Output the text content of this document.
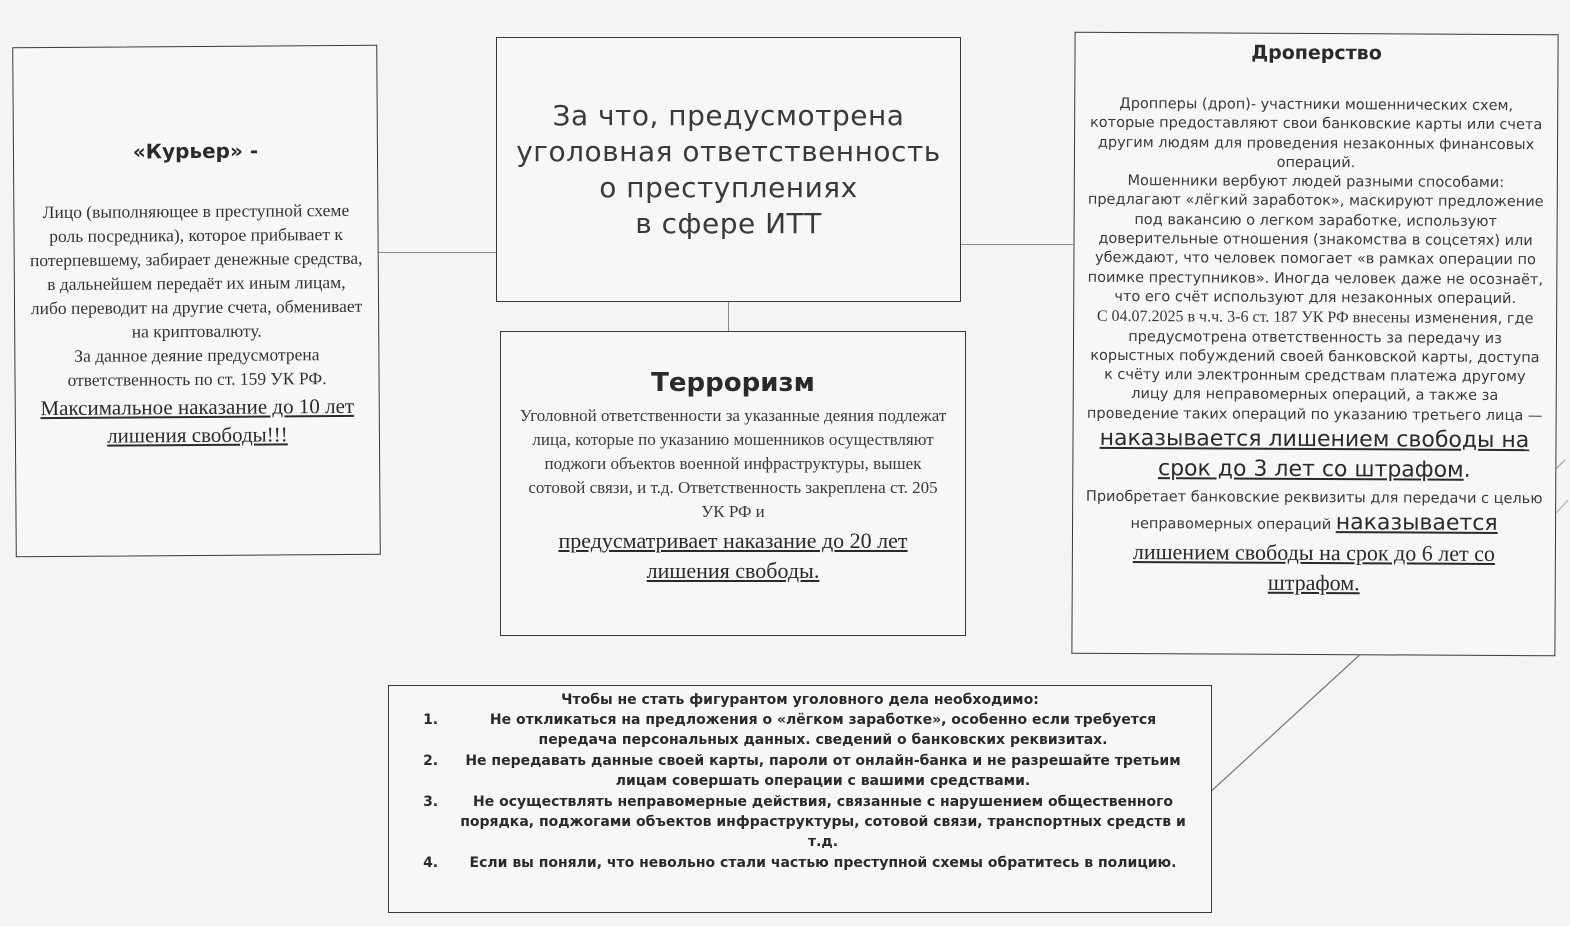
«Курьер» -
Лицо (выполняющее в преступной схеме роль посредника), которое прибывает к потерпевшему, забирает денежные средства, в дальнейшем передаёт их иным лицам, либо переводит на другие счета, обменивает на криптовалюту.
За данное деяние предусмотрена ответственность по ст. 159 УК РФ.
Максимальное наказание до 10 лет лишения свободы!!!
За что, предусмотрена
уголовная ответственность
о преступлениях
в сфере ИТТ
Терроризм
Уголовной ответственности за указанные деяния подлежат лица, которые по указанию мошенников осуществляют поджоги объектов военной инфраструктуры, вышек сотовой связи, и т.д. Ответственность закреплена ст. 205 УК РФ и
предусматривает наказание до 20 лет лишения свободы.
Дроперство
Дропперы (дроп)- участники мошеннических схем, которые предоставляют свои банковские карты или счета другим людям для проведения незаконных финансовых операций.
Мошенники вербуют людей разными способами: предлагают «лёгкий заработок», маскируют предложение под вакансию о легком заработке, используют доверительные отношения (знакомства в соцсетях) или убеждают, что человек помогает «в рамках операции по поимке преступников». Иногда человек даже не осознаёт, что его счёт используют для незаконных операций.
С 04.07.2025 в ч.ч. 3-6 ст. 187 УК РФ внесены изменения, где предусмотрена ответственность за передачу из корыстных побуждений своей банковской карты, доступа к счёту или электронным средствам платежа другому лицу для неправомерных операций, а также за проведение таких операций по указанию третьего лица — наказывается лишением свободы на срок до 3 лет со штрафом.
Приобретает банковские реквизиты для передачи с целью неправомерных операций наказывается лишением свободы на срок до 6 лет со штрафом.
Чтобы не стать фигурантом уголовного дела необходимо:
1. Не откликаться на предложения о «лёгком заработке», особенно если требуется передача персональных данных. сведений о банковских реквизитах.
2. Не передавать данные своей карты, пароли от онлайн-банка и не разрешайте третьим лицам совершать операции с вашими средствами.
3. Не осуществлять неправомерные действия, связанные с нарушением общественного порядка, поджогами объектов инфраструктуры, сотовой связи, транспортных средств и т.д.
4. Если вы поняли, что невольно стали частью преступной схемы обратитесь в полицию.
